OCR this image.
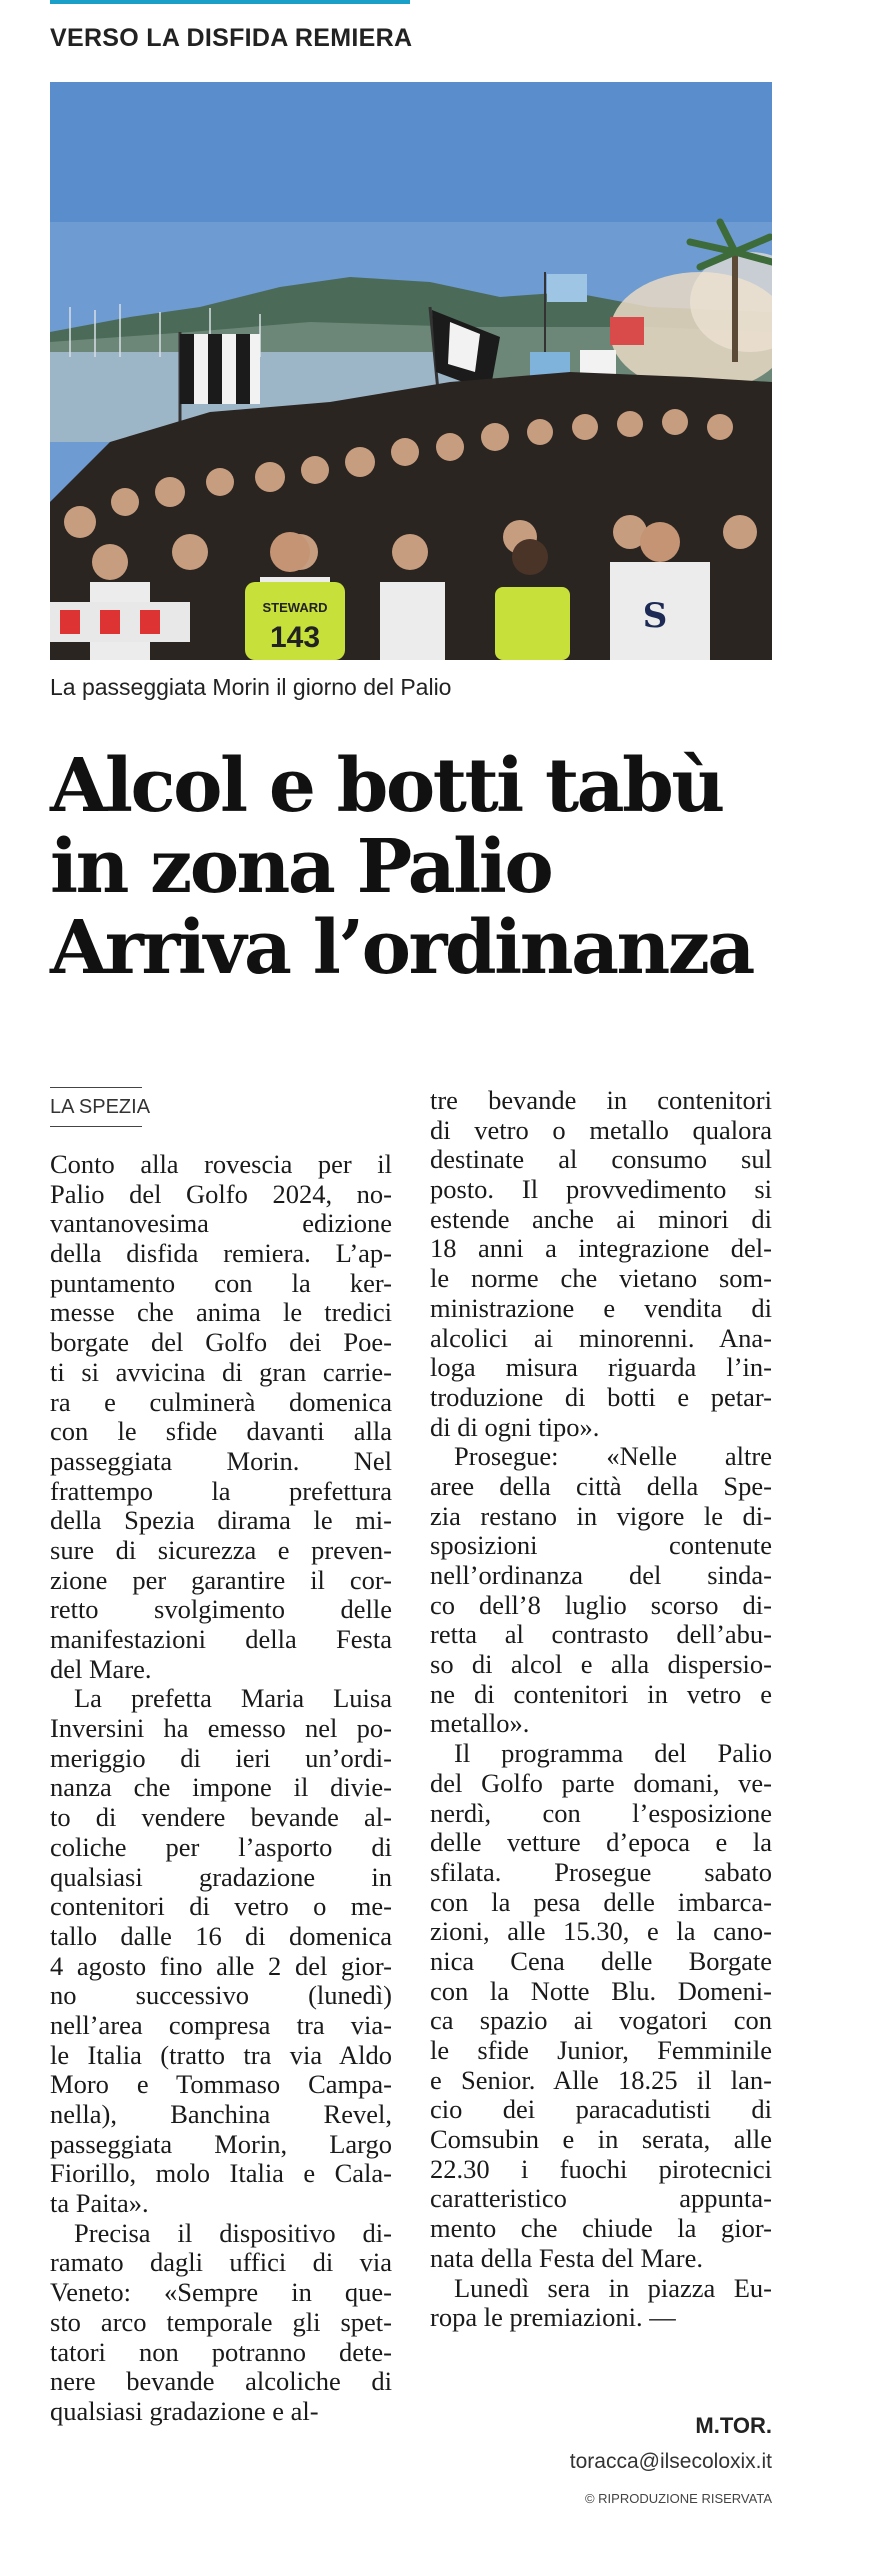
VERSO LA DISFIDA REMIERA
STEWARD
143
S
La passeggiata Morin il giorno del Palio
Alcol e botti tabù
in zona Palio
Arriva l’ordinanza
LA SPEZIA
Conto alla rovescia per il
Palio del Golfo 2024, no-
vantanovesima edizione
della disfida remiera. L’ap-
puntamento con la ker-
messe che anima le tredici
borgate del Golfo dei Poe-
ti si avvicina di gran carrie-
ra e culminerà domenica
con le sfide davanti alla
passeggiata Morin. Nel
frattempo la prefettura
della Spezia dirama le mi-
sure di sicurezza e preven-
zione per garantire il cor-
retto svolgimento delle
manifestazioni della Festa
del Mare.
La prefetta Maria Luisa
Inversini ha emesso nel po-
meriggio di ieri un’ordi-
nanza che impone il divie-
to di vendere bevande al-
coliche per l’asporto di
qualsiasi gradazione in
contenitori di vetro o me-
tallo dalle 16 di domenica
4 agosto fino alle 2 del gior-
no successivo (lunedì)
nell’area compresa tra via-
le Italia (tratto tra via Aldo
Moro e Tommaso Campa-
nella), Banchina Revel,
passeggiata Morin, Largo
Fiorillo, molo Italia e Cala-
ta Paita».
Precisa il dispositivo di-
ramato dagli uffici di via
Veneto: «Sempre in que-
sto arco temporale gli spet-
tatori non potranno dete-
nere bevande alcoliche di
qualsiasi gradazione e al-
tre bevande in contenitori
di vetro o metallo qualora
destinate al consumo sul
posto. Il provvedimento si
estende anche ai minori di
18 anni a integrazione del-
le norme che vietano som-
ministrazione e vendita di
alcolici ai minorenni. Ana-
loga misura riguarda l’in-
troduzione di botti e petar-
di di ogni tipo».
Prosegue: «Nelle altre
aree della città della Spe-
zia restano in vigore le di-
sposizioni contenute
nell’ordinanza del sinda-
co dell’8 luglio scorso di-
retta al contrasto dell’abu-
so di alcol e alla dispersio-
ne di contenitori in vetro e
metallo».
Il programma del Palio
del Golfo parte domani, ve-
nerdì, con l’esposizione
delle vetture d’epoca e la
sfilata. Prosegue sabato
con la pesa delle imbarca-
zioni, alle 15.30, e la cano-
nica Cena delle Borgate
con la Notte Blu. Domeni-
ca spazio ai vogatori con
le sfide Junior, Femminile
e Senior. Alle 18.25 il lan-
cio dei paracadutisti di
Comsubin e in serata, alle
22.30 i fuochi pirotecnici
caratteristico appunta-
mento che chiude la gior-
nata della Festa del Mare.
Lunedì sera in piazza Eu-
ropa le premiazioni. —
M.TOR.
toracca@ilsecoloxix.it
© RIPRODUZIONE RISERVATA
